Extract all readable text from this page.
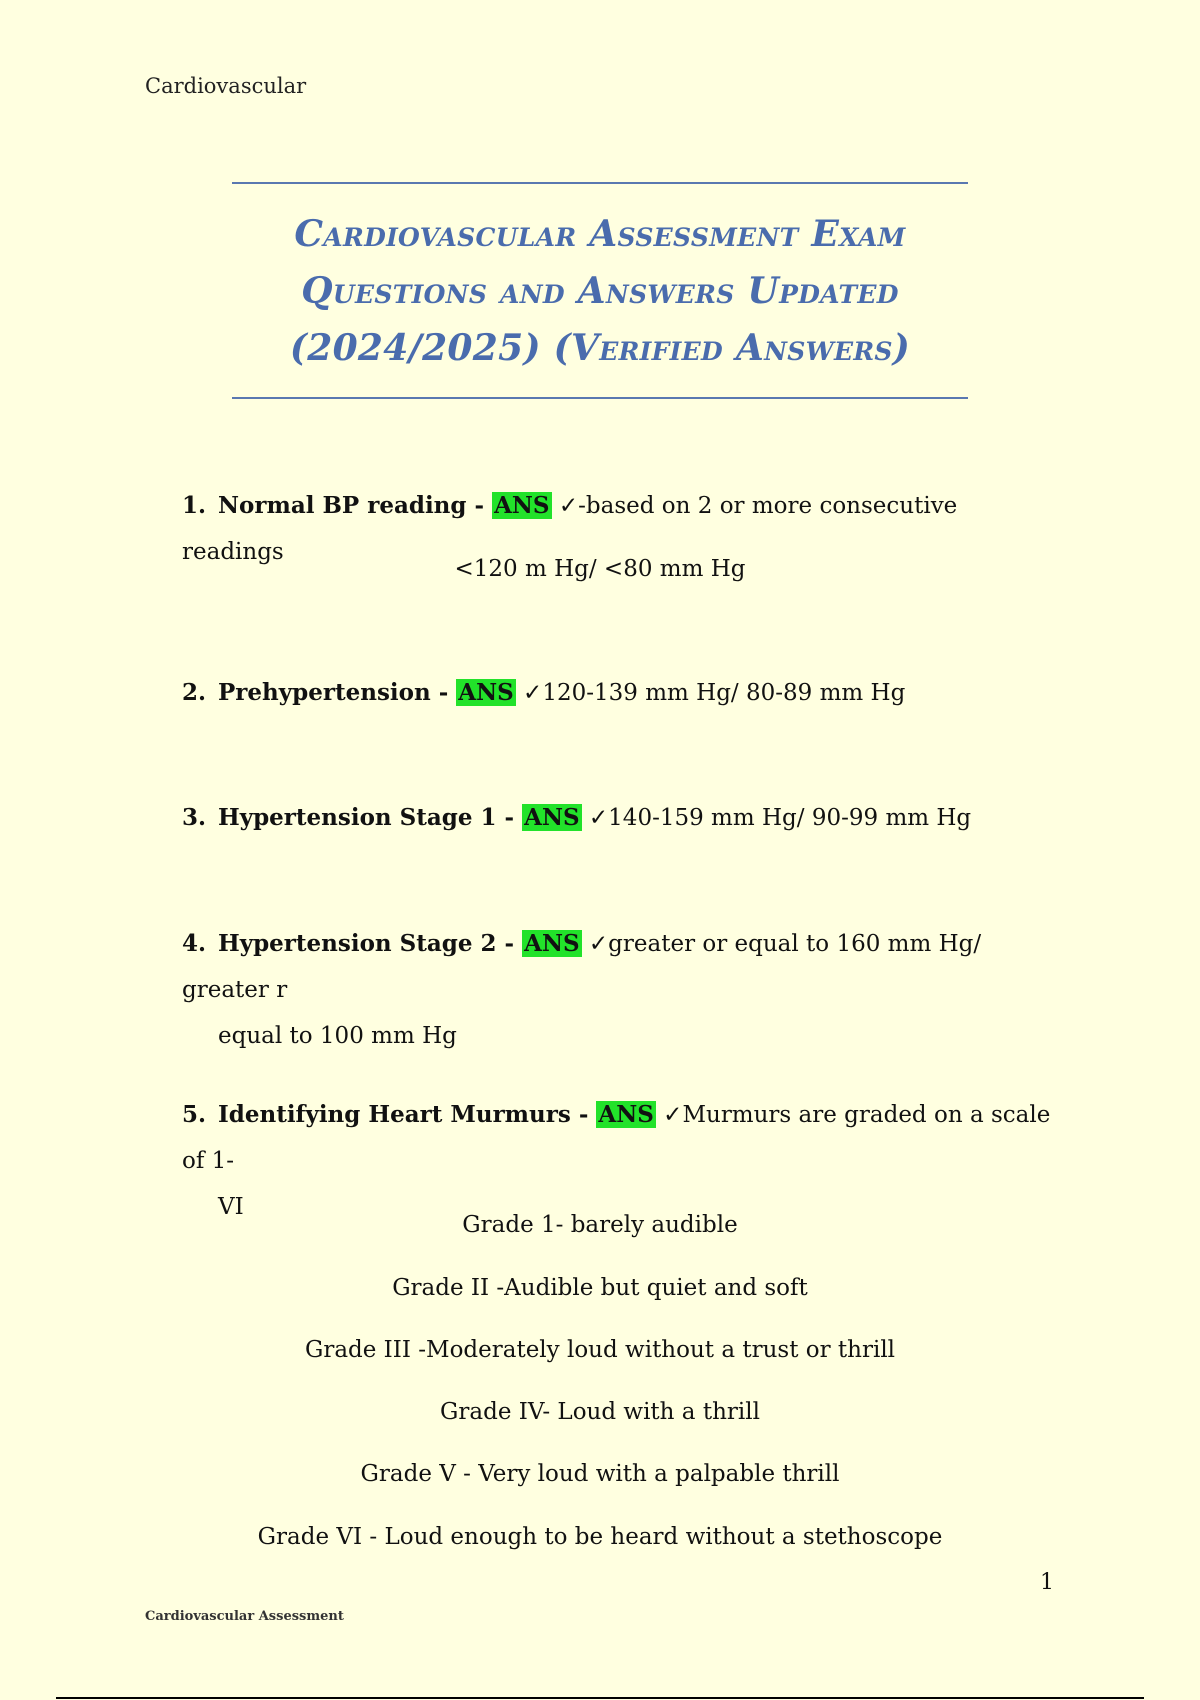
Cardiovascular
Cardiovascular Assessment Exam
Questions and Answers Updated
(2024/2025) (Verified Answers)
1. Normal BP reading - ANS ✓-based on 2 or more consecutive readings
<120 m Hg/ <80 mm Hg
2. Prehypertension - ANS ✓120-139 mm Hg/ 80-89 mm Hg
3. Hypertension Stage 1 - ANS ✓140-159 mm Hg/ 90-99 mm Hg
4. Hypertension Stage 2 - ANS ✓greater or equal to 160 mm Hg/ greater r
equal to 100 mm Hg
5. Identifying Heart Murmurs - ANS ✓Murmurs are graded on a scale of 1-
VI
Grade 1- barely audible
Grade II -Audible but quiet and soft
Grade III -Moderately loud without a trust or thrill
Grade IV- Loud with a thrill
Grade V - Very loud with a palpable thrill
Grade VI - Loud enough to be heard without a stethoscope
1
Cardiovascular Assessment
